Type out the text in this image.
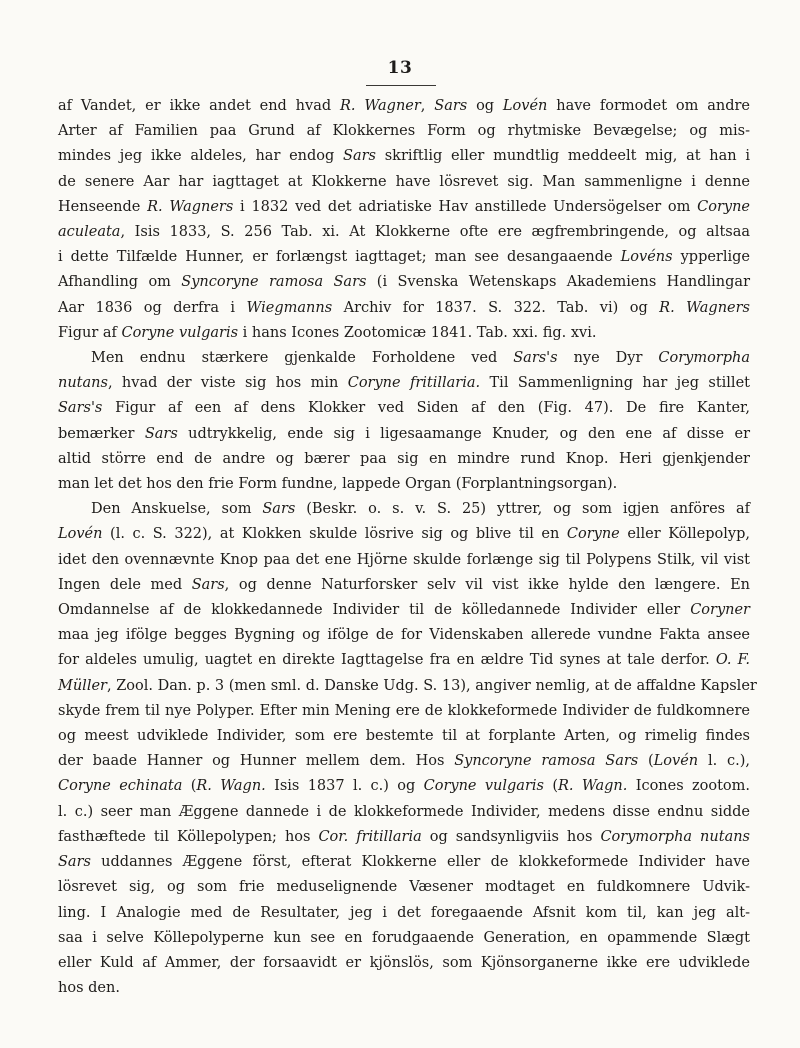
13

af Vandet, er ikke andet end hvad R. Wagner, Sars og Lovén have formodet om andre
Arter af Familien paa Grund af Klokkernes Form og rhytmiske Bevægelse; og mis-
mindes jeg ikke aldeles, har endog Sars skriftlig eller mundtlig meddeelt mig, at han i
de senere Aar har iagttaget at Klokkerne have lösrevet sig. Man sammenligne i denne
Henseende R. Wagners i 1832 ved det adriatiske Hav anstillede Undersögelser om Coryne
aculeata, Isis 1833, S. 256 Tab. xi. At Klokkerne ofte ere ægfrembringende, og altsaa
i dette Tilfælde Hunner, er forlængst iagttaget; man see desangaaende Lovéns ypperlige
Afhandling om Syncoryne ramosa Sars (i Svenska Wetenskaps Akademiens Handlingar
Aar 1836 og derfra i Wiegmanns Archiv for 1837. S. 322. Tab. vi) og R. Wagners
Figur af Coryne vulgaris i hans Icones Zootomicæ 1841. Tab. xxi. fig. xvi.

Men endnu stærkere gjenkalde Forholdene ved Sars's nye Dyr Corymorpha
nutans, hvad der viste sig hos min Coryne fritillaria. Til Sammenligning har jeg stillet
Sars's Figur af een af dens Klokker ved Siden af den (Fig. 47). De fire Kanter,
bemærker Sars udtrykkelig, ende sig i ligesaamange Knuder, og den ene af disse er
altid större end de andre og bærer paa sig en mindre rund Knop. Heri gjenkjender
man let det hos den frie Form fundne, lappede Organ (Forplantningsorgan).

Den Anskuelse, som Sars (Beskr. o. s. v. S. 25) yttrer, og som igjen anföres af
Lovén (l. c. S. 322), at Klokken skulde lösrive sig og blive til en Coryne eller Köllepolyp,
idet den ovennævnte Knop paa det ene Hjörne skulde forlænge sig til Polypens Stilk, vil vist
Ingen dele med Sars, og denne Naturforsker selv vil vist ikke hylde den længere. En
Omdannelse af de klokkedannede Individer til de kölledannede Individer eller Coryner
maa jeg ifölge begges Bygning og ifölge de for Videnskaben allerede vundne Fakta ansee
for aldeles umulig, uagtet en direkte Iagttagelse fra en ældre Tid synes at tale derfor. O. F.
Müller, Zool. Dan. p. 3 (men sml. d. Danske Udg. S. 13), angiver nemlig, at de affaldne Kapsler
skyde frem til nye Polyper. Efter min Mening ere de klokkeformede Individer de fuldkomnere
og meest udviklede Individer, som ere bestemte til at forplante Arten, og rimelig findes
der baade Hanner og Hunner mellem dem. Hos Syncoryne ramosa Sars (Lovén l. c.),
Coryne echinata (R. Wagn. Isis 1837 l. c.) og Coryne vulgaris (R. Wagn. Icones zootom.
l. c.) seer man Æggene dannede i de klokkeformede Individer, medens disse endnu sidde
fasthæftede til Köllepolypen; hos Cor. fritillaria og sandsynligviis hos Corymorpha nutans
Sars uddannes Æggene först, efterat Klokkerne eller de klokkeformede Individer have
lösrevet sig, og som frie meduselignende Væsener modtaget en fuldkomnere Udvik-
ling. I Analogie med de Resultater, jeg i det foregaaende Afsnit kom til, kan jeg alt-
saa i selve Köllepolyperne kun see en forudgaaende Generation, en opammende Slægt
eller Kuld af Ammer, der forsaavidt er kjönslös, som Kjönsorganerne ikke ere udviklede
hos den.
